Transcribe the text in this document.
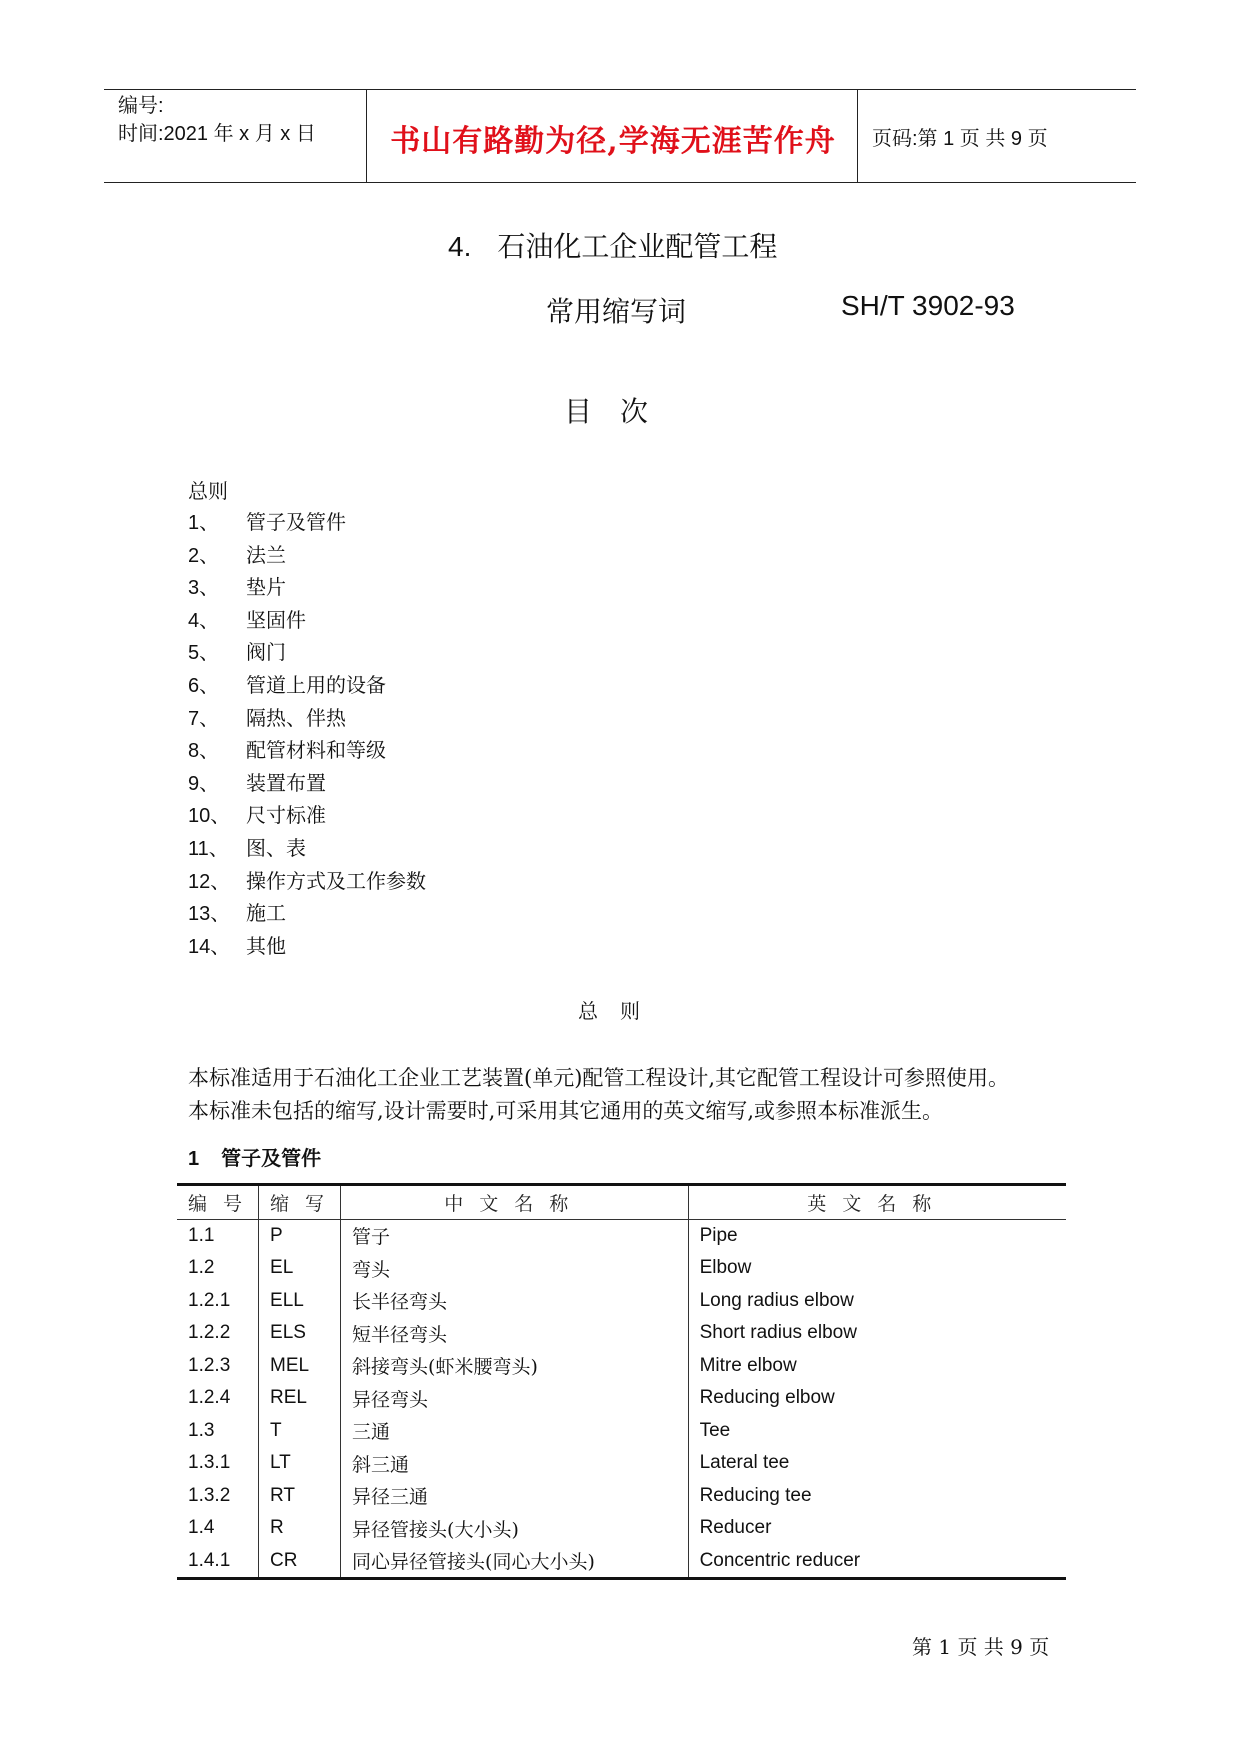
编号:
时间:2021 年 x 月 x 日	书山有路勤为径,学海无涯苦作舟	页码:第 1 页 共 9 页
4. 石油化工企业配管工程
常用缩写词	SH/T 3902-93
目次
总则
1、 管子及管件
2、 法兰
3、 垫片
4、 坚固件
5、 阀门
6、 管道上用的设备
7、 隔热、伴热
8、 配管材料和等级
9、 装置布置
10、 尺寸标准
11、 图、表
12、 操作方式及工作参数
13、 施工
14、 其他
总则
本标准适用于石油化工企业工艺装置(单元)配管工程设计,其它配管工程设计可参照使用。
本标准未包括的缩写,设计需要时,可采用其它通用的英文缩写,或参照本标准派生。
1 管子及管件
编号	缩写	中文名称	英文名称
1.1	P	管子	Pipe
1.2	EL	弯头	Elbow
1.2.1	ELL	长半径弯头	Long radius elbow
1.2.2	ELS	短半径弯头	Short radius elbow
1.2.3	MEL	斜接弯头(虾米腰弯头)	Mitre elbow
1.2.4	REL	异径弯头	Reducing elbow
1.3	T	三通	Tee
1.3.1	LT	斜三通	Lateral tee
1.3.2	RT	异径三通	Reducing tee
1.4	R	异径管接头(大小头)	Reducer
1.4.1	CR	同心异径管接头(同心大小头)	Concentric reducer
第 1 页 共 9 页
